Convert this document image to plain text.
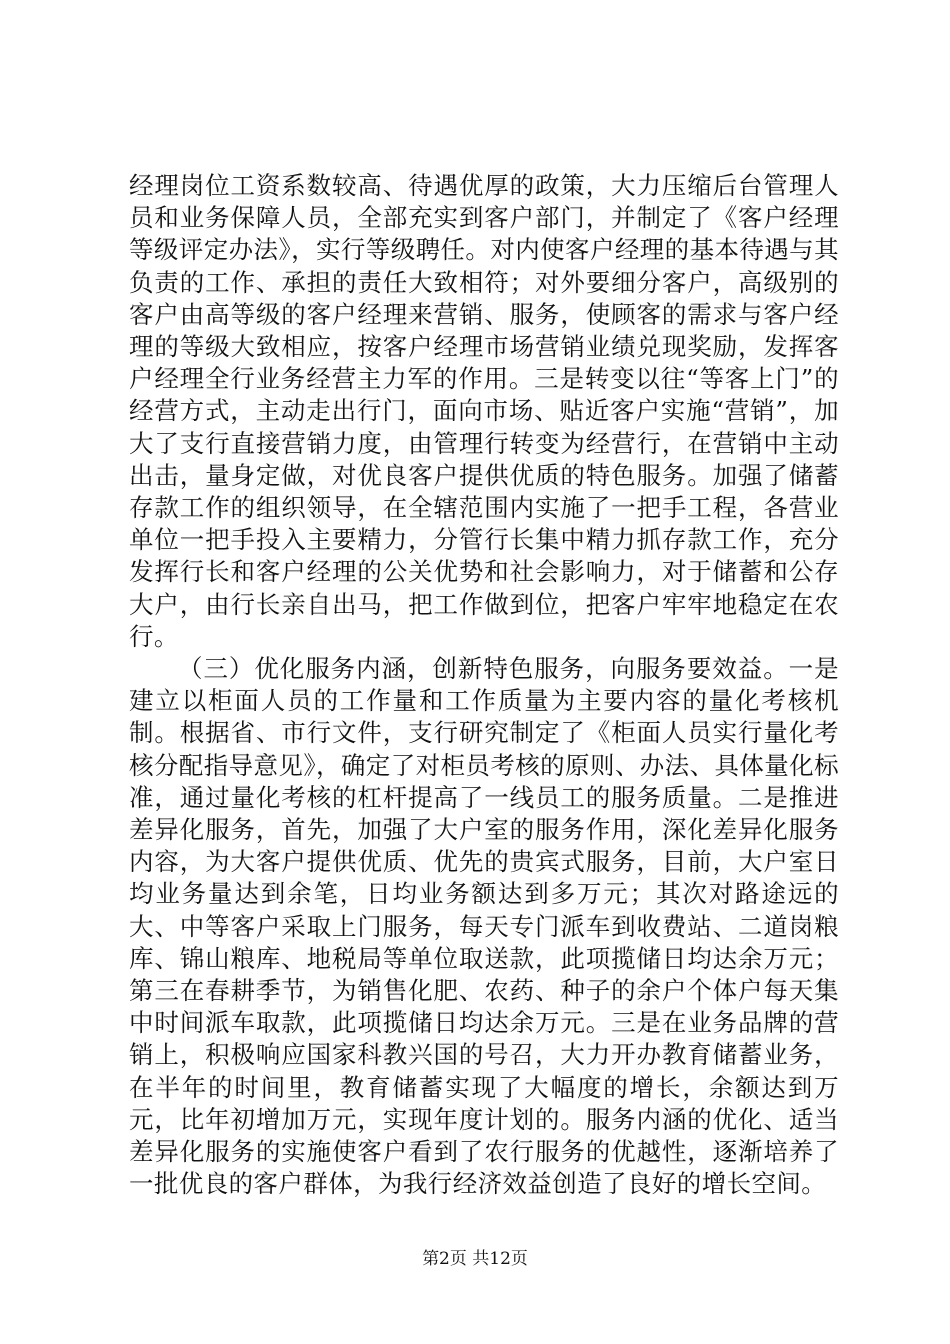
经理岗位工资系数较高、待遇优厚的政策，大力压缩后台管理人员和业务保障人员，全部充实到客户部门，并制定了《客户经理等级评定办法》，实行等级聘任。对内使客户经理的基本待遇与其负责的工作、承担的责任大致相符；对外要细分客户，高级别的客户由高等级的客户经理来营销、服务，使顾客的需求与客户经理的等级大致相应，按客户经理市场营销业绩兑现奖励，发挥客户经理全行业务经营主力军的作用。三是转变以往“等客上门”的经营方式，主动走出行门，面向市场、贴近客户实施“营销”，加大了支行直接营销力度，由管理行转变为经营行，在营销中主动出击，量身定做，对优良客户提供优质的特色服务。加强了储蓄存款工作的组织领导，在全辖范围内实施了一把手工程，各营业单位一把手投入主要精力，分管行长集中精力抓存款工作，充分发挥行长和客户经理的公关优势和社会影响力，对于储蓄和公存大户，由行长亲自出马，把工作做到位，把客户牢牢地稳定在农行。

（三）优化服务内涵，创新特色服务，向服务要效益。一是建立以柜面人员的工作量和工作质量为主要内容的量化考核机制。根据省、市行文件，支行研究制定了《柜面人员实行量化考核分配指导意见》，确定了对柜员考核的原则、办法、具体量化标准，通过量化考核的杠杆提高了一线员工的服务质量。二是推进差异化服务，首先，加强了大户室的服务作用，深化差异化服务内容，为大客户提供优质、优先的贵宾式服务，目前，大户室日均业务量达到余笔，日均业务额达到多万元；其次对路途远的大、中等客户采取上门服务，每天专门派车到收费站、二道岗粮库、锦山粮库、地税局等单位取送款，此项揽储日均达余万元；第三在春耕季节，为销售化肥、农药、种子的余户个体户每天集中时间派车取款，此项揽储日均达余万元。三是在业务品牌的营销上，积极响应国家科教兴国的号召，大力开办教育储蓄业务，在半年的时间里，教育储蓄实现了大幅度的增长，余额达到万元，比年初增加万元，实现年度计划的。服务内涵的优化、适当差异化服务的实施使客户看到了农行服务的优越性，逐渐培养了一批优良的客户群体，为我行经济效益创造了良好的增长空间。

第2页 共12页
